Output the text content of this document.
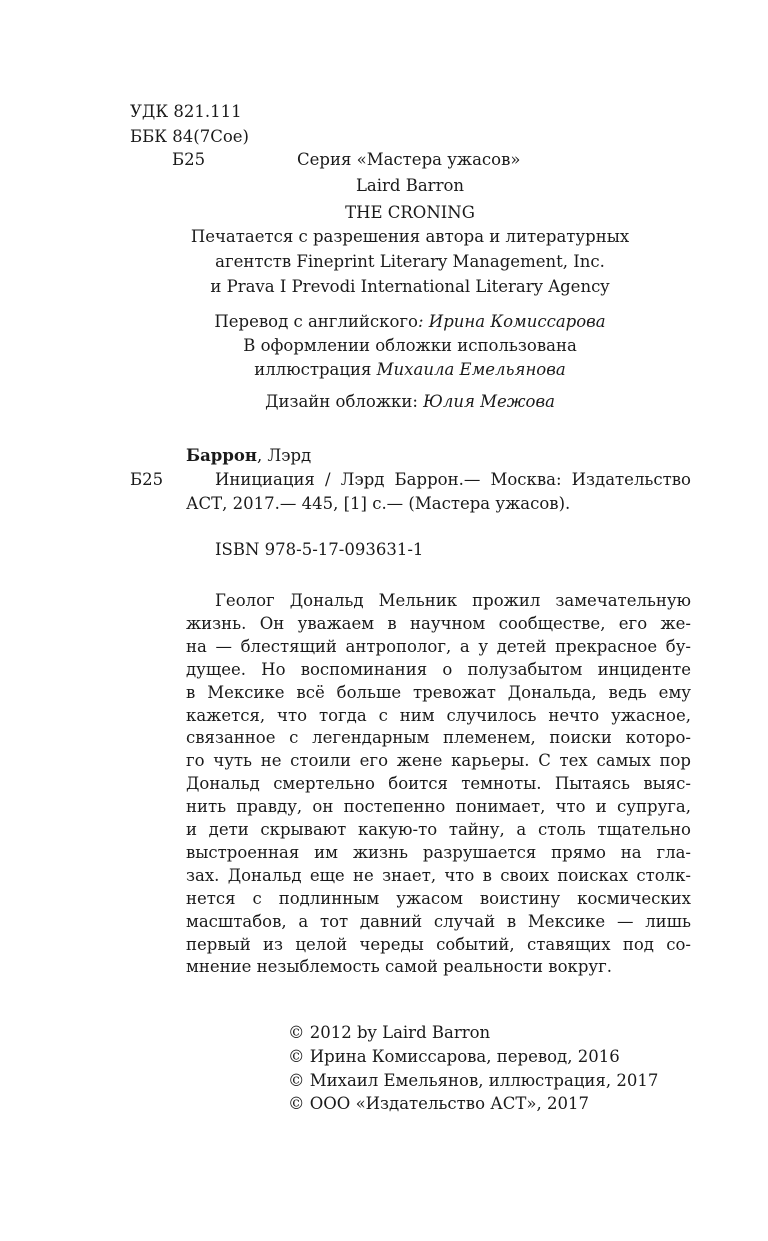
УДК 821.111
ББК 84(7Сое)
Б25	Серия «Мастера ужасов»
Laird Barron
THE CRONING
Печатается с разрешения автора и литературных
агентств Fineprint Literary Management, Inc.
и Prava I Prevodi International Literary Agency
Перевод с английского: Ирина Комиссарова
В оформлении обложки использована
иллюстрация Михаила Емельянова
Дизайн обложки: Юлия Межова
Баррон, Лэрд
Б25	Инициация / Лэрд Баррон.— Москва: Издательство
АСТ, 2017.— 445, [1] с.— (Мастера ужасов).
ISBN 978-5-17-093631-1
Геолог Дональд Мельник прожил замечательную
жизнь. Он уважаем в научном сообществе, его же-
на — блестящий антрополог, а у детей прекрасное бу-
дущее. Но воспоминания о полузабытом инциденте
в Мексике всё больше тревожат Дональда, ведь ему
кажется, что тогда с ним случилось нечто ужасное,
связанное с легендарным племенем, поиски которо-
го чуть не стоили его жене карьеры. С тех самых пор
Дональд смертельно боится темноты. Пытаясь выяс-
нить правду, он постепенно понимает, что и супруга,
и дети скрывают какую-то тайну, а столь тщательно
выстроенная им жизнь разрушается прямо на гла-
зах. Дональд еще не знает, что в своих поисках столк-
нется с подлинным ужасом воистину космических
масштабов, а тот давний случай в Мексике — лишь
первый из целой череды событий, ставящих под со-
мнение незыблемость самой реальности вокруг.
© 2012 by Laird Barron
© Ирина Комиссарова, перевод, 2016
© Михаил Емельянов, иллюстрация, 2017
© ООО «Издательство АСТ», 2017
